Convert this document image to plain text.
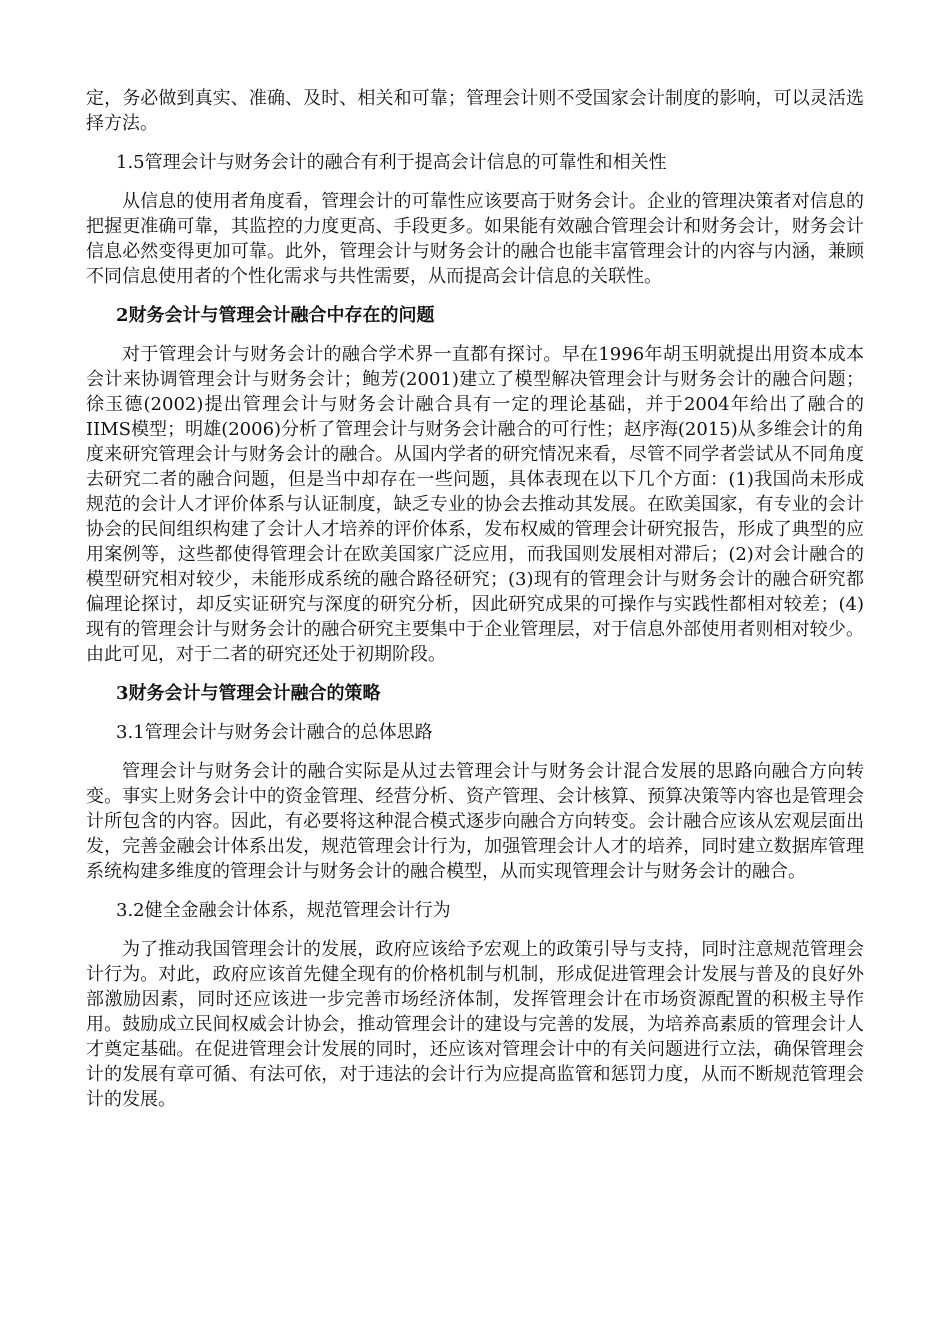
定，务必做到真实、准确、及时、相关和可靠；管理会计则不受国家会计制度的影响，可以灵活选择方法。

1.5管理会计与财务会计的融合有利于提高会计信息的可靠性和相关性

从信息的使用者角度看，管理会计的可靠性应该要高于财务会计。企业的管理决策者对信息的把握更准确可靠，其监控的力度更高、手段更多。如果能有效融合管理会计和财务会计，财务会计信息必然变得更加可靠。此外，管理会计与财务会计的融合也能丰富管理会计的内容与内涵，兼顾不同信息使用者的个性化需求与共性需要，从而提高会计信息的关联性。

2财务会计与管理会计融合中存在的问题

对于管理会计与财务会计的融合学术界一直都有探讨。早在1996年胡玉明就提出用资本成本会计来协调管理会计与财务会计；鲍芳(2001)建立了模型解决管理会计与财务会计的融合问题；徐玉德(2002)提出管理会计与财务会计融合具有一定的理论基础，并于2004年给出了融合的IIMS模型；明雄(2006)分析了管理会计与财务会计融合的可行性；赵序海(2015)从多维会计的角度来研究管理会计与财务会计的融合。从国内学者的研究情况来看，尽管不同学者尝试从不同角度去研究二者的融合问题，但是当中却存在一些问题，具体表现在以下几个方面：(1)我国尚未形成规范的会计人才评价体系与认证制度，缺乏专业的协会去推动其发展。在欧美国家，有专业的会计协会的民间组织构建了会计人才培养的评价体系，发布权威的管理会计研究报告，形成了典型的应用案例等，这些都使得管理会计在欧美国家广泛应用，而我国则发展相对滞后；(2)对会计融合的模型研究相对较少，未能形成系统的融合路径研究；(3)现有的管理会计与财务会计的融合研究都偏理论探讨，却反实证研究与深度的研究分析，因此研究成果的可操作与实践性都相对较差；(4)现有的管理会计与财务会计的融合研究主要集中于企业管理层，对于信息外部使用者则相对较少。由此可见，对于二者的研究还处于初期阶段。

3财务会计与管理会计融合的策略

3.1管理会计与财务会计融合的总体思路

管理会计与财务会计的融合实际是从过去管理会计与财务会计混合发展的思路向融合方向转变。事实上财务会计中的资金管理、经营分析、资产管理、会计核算、预算决策等内容也是管理会计所包含的内容。因此，有必要将这种混合模式逐步向融合方向转变。会计融合应该从宏观层面出发，完善金融会计体系出发，规范管理会计行为，加强管理会计人才的培养，同时建立数据库管理系统构建多维度的管理会计与财务会计的融合模型，从而实现管理会计与财务会计的融合。

3.2健全金融会计体系，规范管理会计行为

为了推动我国管理会计的发展，政府应该给予宏观上的政策引导与支持，同时注意规范管理会计行为。对此，政府应该首先健全现有的价格机制与机制，形成促进管理会计发展与普及的良好外部激励因素，同时还应该进一步完善市场经济体制，发挥管理会计在市场资源配置的积极主导作用。鼓励成立民间权威会计协会，推动管理会计的建设与完善的发展，为培养高素质的管理会计人才奠定基础。在促进管理会计发展的同时，还应该对管理会计中的有关问题进行立法，确保管理会计的发展有章可循、有法可依，对于违法的会计行为应提高监管和惩罚力度，从而不断规范管理会计的发展。
